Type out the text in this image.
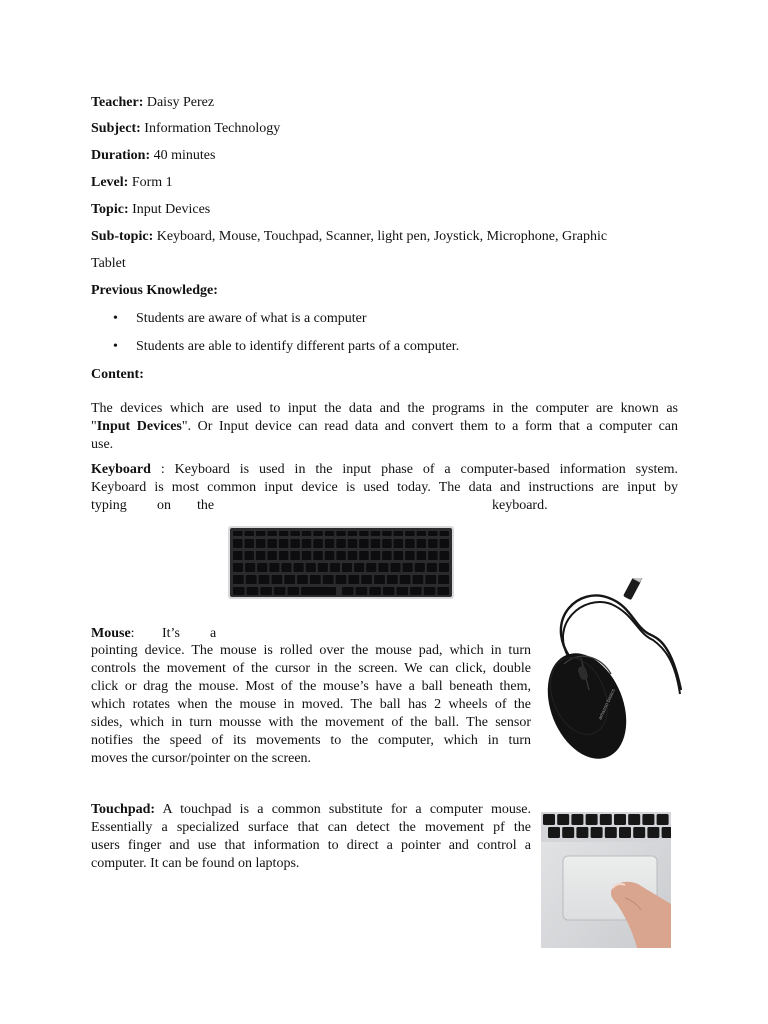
Teacher: Daisy Perez
Subject: Information Technology
Duration: 40 minutes
Level: Form 1
Topic: Input Devices
Sub-topic: Keyboard, Mouse, Touchpad, Scanner, light pen, Joystick, Microphone, Graphic
Tablet
Previous Knowledge:
• Students are aware of what is a computer
• Students are able to identify different parts of a computer.
Content:
The devices which are used to input the data and the programs in the computer are known as
"Input Devices". Or Input device can read data and convert them to a form that a computer can
use.
Keyboard : Keyboard is used in the input phase of a computer-based information system.
Keyboard is most common input device is used today. The data and instructions are input by
typing on the	keyboard.
Mouse: It’s a
pointing device. The mouse is rolled over the mouse pad, which in turn
controls the movement of the cursor in the screen. We can click, double
click or drag the mouse. Most of the mouse’s have a ball beneath them,
which rotates when the mouse in moved. The ball has 2 wheels of the
sides, which in turn mousse with the movement of the ball. The sensor
notifies the speed of its movements to the computer, which in turn
moves the cursor/pointer on the screen.
amazon basics
Touchpad: A touchpad is a common substitute for a computer mouse.
Essentially a specialized surface that can detect the movement pf the
users finger and use that information to direct a pointer and control a
computer. It can be found on laptops.
